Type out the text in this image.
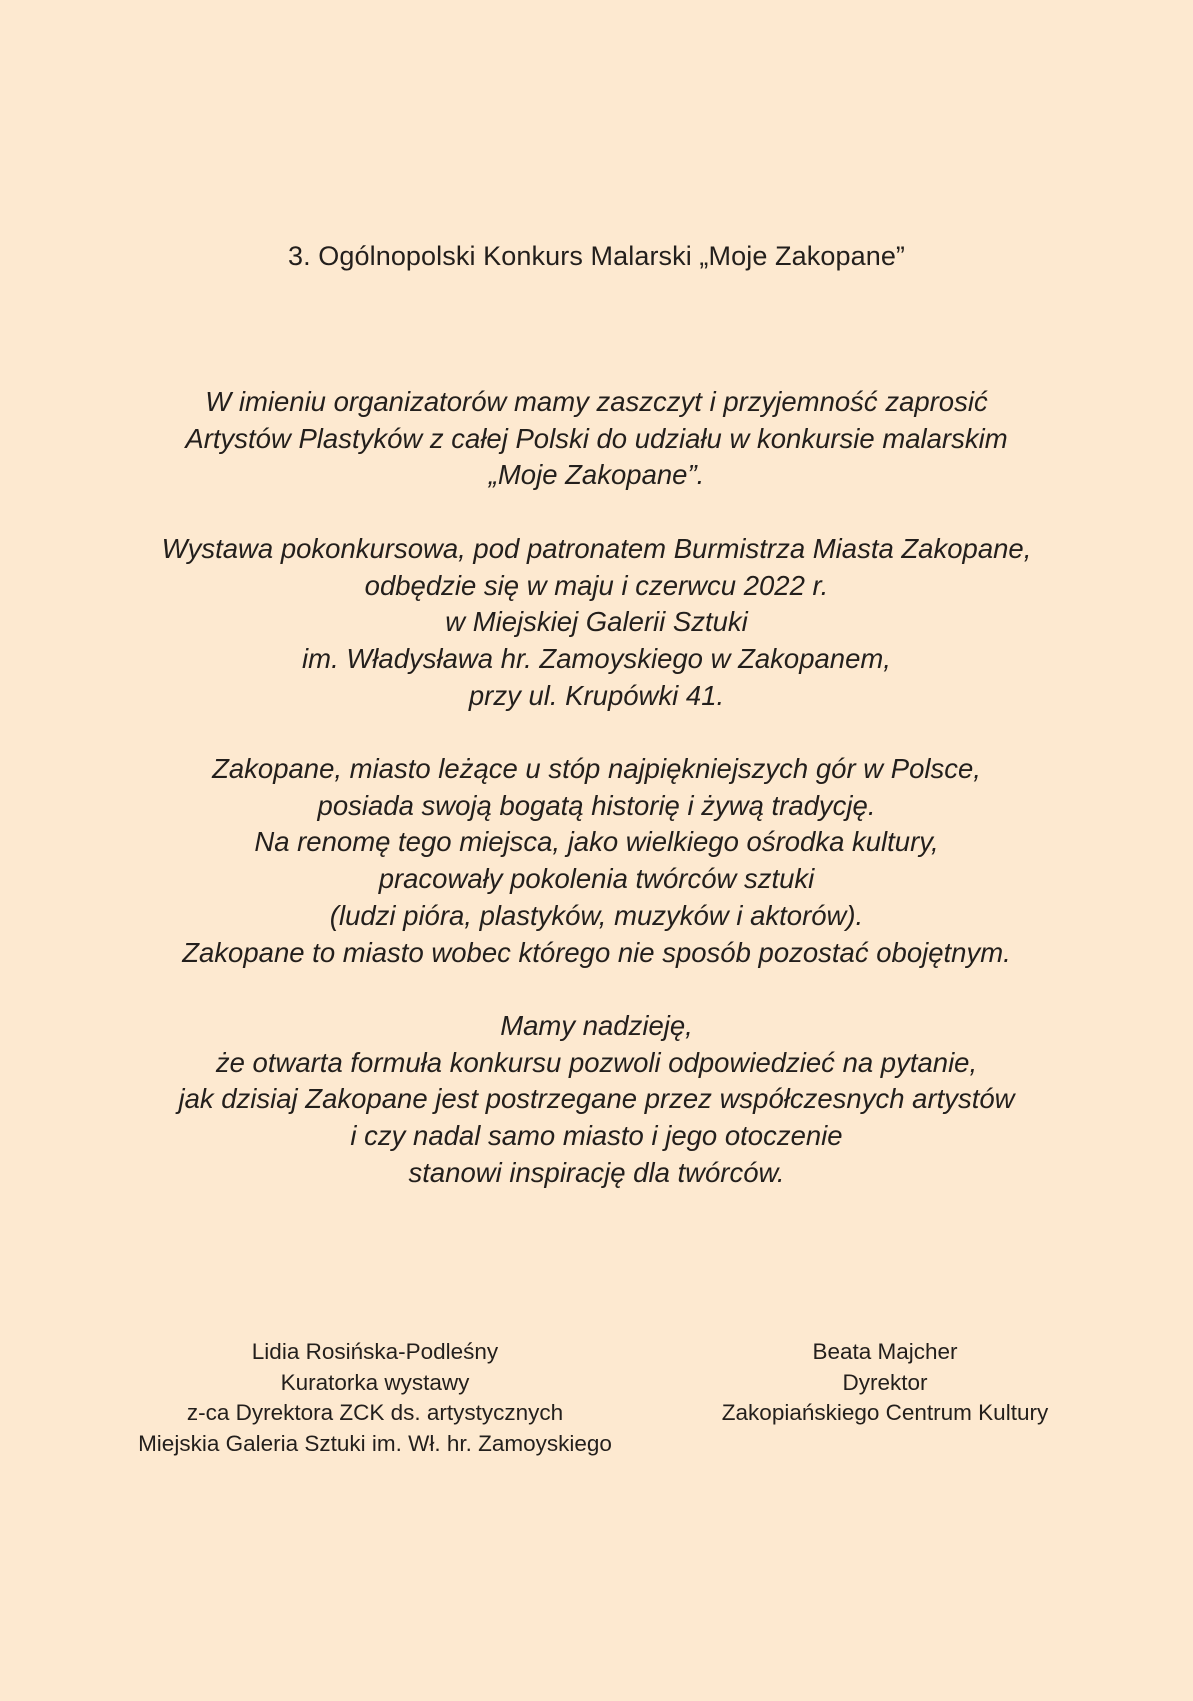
3. Ogólnopolski Konkurs Malarski „Moje Zakopane”

W imieniu organizatorów mamy zaszczyt i przyjemność zaprosić
Artystów Plastyków z całej Polski do udziału w konkursie malarskim
„Moje Zakopane”.

Wystawa pokonkursowa, pod patronatem Burmistrza Miasta Zakopane,
odbędzie się w maju i czerwcu 2022 r.
w Miejskiej Galerii Sztuki
im. Władysława hr. Zamoyskiego w Zakopanem,
przy ul. Krupówki 41.

Zakopane, miasto leżące u stóp najpiękniejszych gór w Polsce,
posiada swoją bogatą historię i żywą tradycję.
Na renomę tego miejsca, jako wielkiego ośrodka kultury,
pracowały pokolenia twórców sztuki
(ludzi pióra, plastyków, muzyków i aktorów).
Zakopane to miasto wobec którego nie sposób pozostać obojętnym.

Mamy nadzieję,
że otwarta formuła konkursu pozwoli odpowiedzieć na pytanie,
jak dzisiaj Zakopane jest postrzegane przez współczesnych artystów
i czy nadal samo miasto i jego otoczenie
stanowi inspirację dla twórców.

Lidia Rosińska-Podleśny
Kuratorka wystawy
z-ca Dyrektora ZCK ds. artystycznych
Miejskia Galeria Sztuki im. Wł. hr. Zamoyskiego
Beata Majcher
Dyrektor
Zakopiańskiego Centrum Kultury
